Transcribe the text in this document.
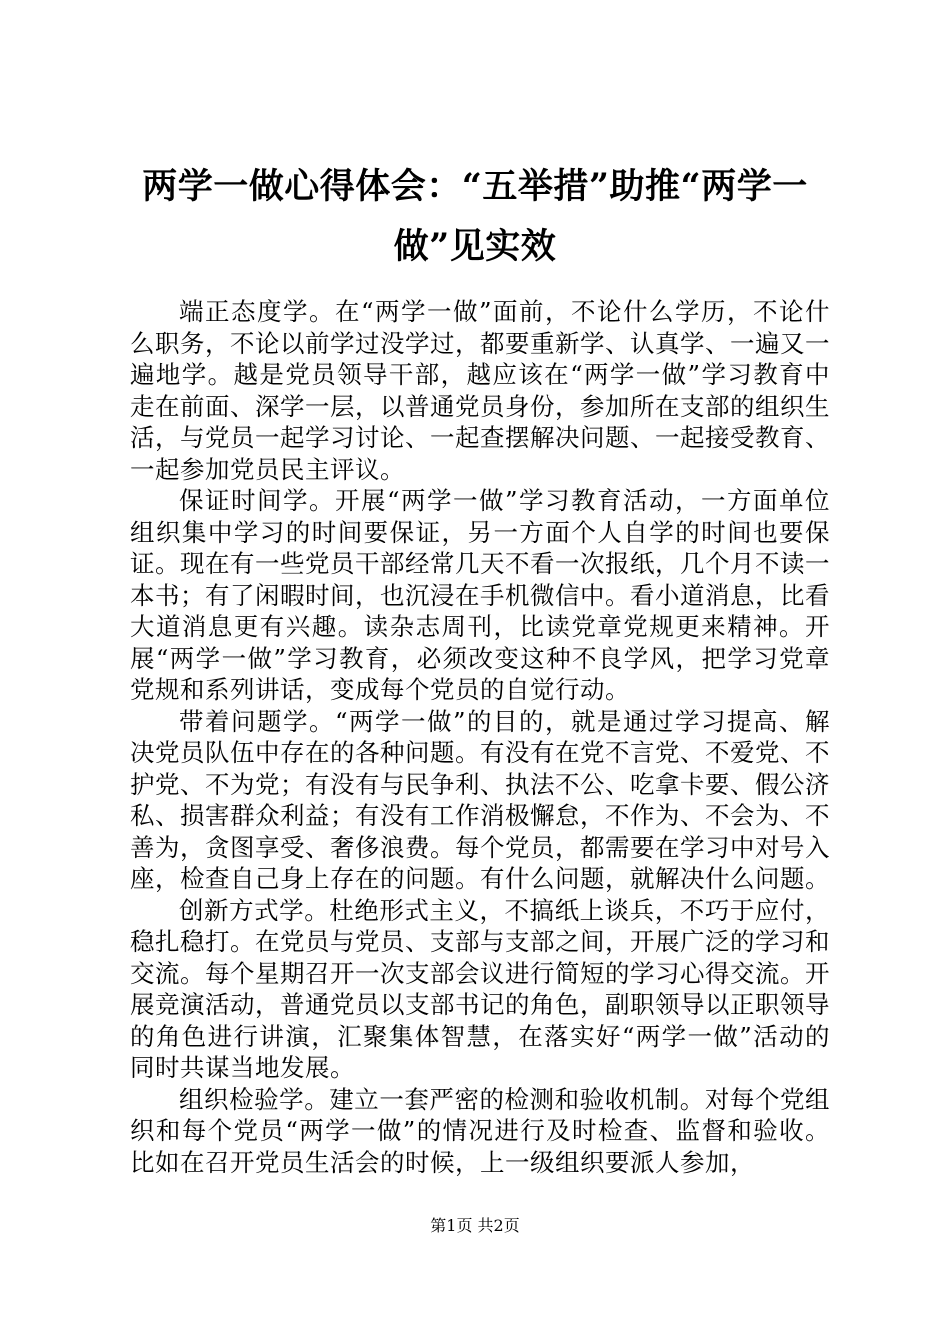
两学一做心得体会：“五举措”助推“两学一做”见实效

端正态度学。在“两学一做”面前，不论什么学历，不论什么职务，不论以前学过没学过，都要重新学、认真学、一遍又一遍地学。越是党员领导干部，越应该在“两学一做”学习教育中走在前面、深学一层，以普通党员身份，参加所在支部的组织生活，与党员一起学习讨论、一起查摆解决问题、一起接受教育、一起参加党员民主评议。

保证时间学。开展“两学一做”学习教育活动，一方面单位组织集中学习的时间要保证，另一方面个人自学的时间也要保证。现在有一些党员干部经常几天不看一次报纸，几个月不读一本书；有了闲暇时间，也沉浸在手机微信中。看小道消息，比看大道消息更有兴趣。读杂志周刊，比读党章党规更来精神。开展“两学一做”学习教育，必须改变这种不良学风，把学习党章党规和系列讲话，变成每个党员的自觉行动。

带着问题学。“两学一做”的目的，就是通过学习提高、解决党员队伍中存在的各种问题。有没有在党不言党、不爱党、不护党、不为党；有没有与民争利、执法不公、吃拿卡要、假公济私、损害群众利益；有没有工作消极懈怠，不作为、不会为、不善为，贪图享受、奢侈浪费。每个党员，都需要在学习中对号入座，检查自己身上存在的问题。有什么问题，就解决什么问题。

创新方式学。杜绝形式主义，不搞纸上谈兵，不巧于应付，稳扎稳打。在党员与党员、支部与支部之间，开展广泛的学习和交流。每个星期召开一次支部会议进行简短的学习心得交流。开展竞演活动，普通党员以支部书记的角色，副职领导以正职领导的角色进行讲演，汇聚集体智慧，在落实好“两学一做”活动的同时共谋当地发展。

组织检验学。建立一套严密的检测和验收机制。对每个党组织和每个党员“两学一做”的情况进行及时检查、监督和验收。比如在召开党员生活会的时候，上一级组织要派人参加，

第1页 共2页
